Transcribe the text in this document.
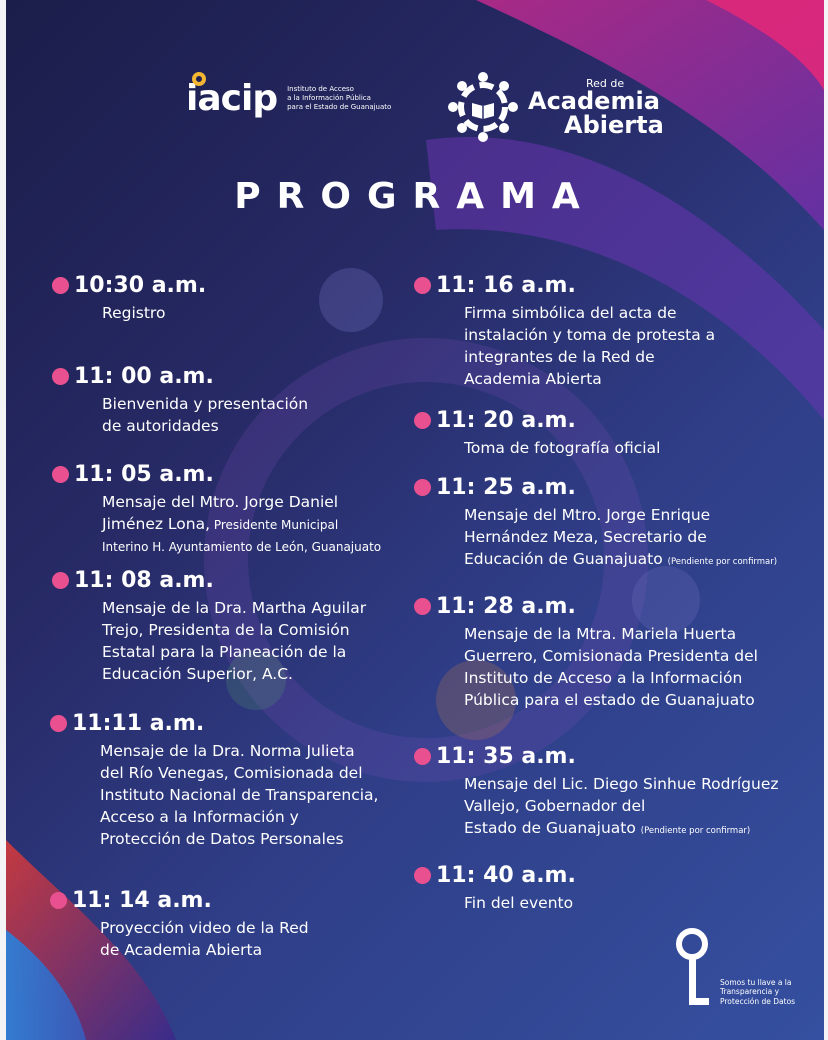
iacip Instituto de Acceso
a la Información Pública
para el Estado de Guanajuato
Red de
Academia
Abierta
PROGRAMA
10:30 a.m.
Registro
11: 00 a.m.
Bienvenida y presentación
de autoridades
11: 05 a.m.
Mensaje del Mtro. Jorge Daniel
Jiménez Lona, Presidente Municipal
Interino H. Ayuntamiento de León, Guanajuato
11: 08 a.m.
Mensaje de la Dra. Martha Aguilar
Trejo, Presidenta de la Comisión
Estatal para la Planeación de la
Educación Superior, A.C.
11:11 a.m.
Mensaje de la Dra. Norma Julieta
del Río Venegas, Comisionada del
Instituto Nacional de Transparencia,
Acceso a la Información y
Protección de Datos Personales
11: 14 a.m.
Proyección video de la Red
de Academia Abierta
11: 16 a.m.
Firma simbólica del acta de
instalación y toma de protesta a
integrantes de la Red de
Academia Abierta
11: 20 a.m.
Toma de fotografía oficial
11: 25 a.m.
Mensaje del Mtro. Jorge Enrique
Hernández Meza, Secretario de
Educación de Guanajuato (Pendiente por confirmar)
11: 28 a.m.
Mensaje de la Mtra. Mariela Huerta
Guerrero, Comisionada Presidenta del
Instituto de Acceso a la Información
Pública para el estado de Guanajuato
11: 35 a.m.
Mensaje del Lic. Diego Sinhue Rodríguez
Vallejo, Gobernador del
Estado de Guanajuato (Pendiente por confirmar)
11: 40 a.m.
Fin del evento
Somos tu llave a la
Transparencia y
Protección de Datos
